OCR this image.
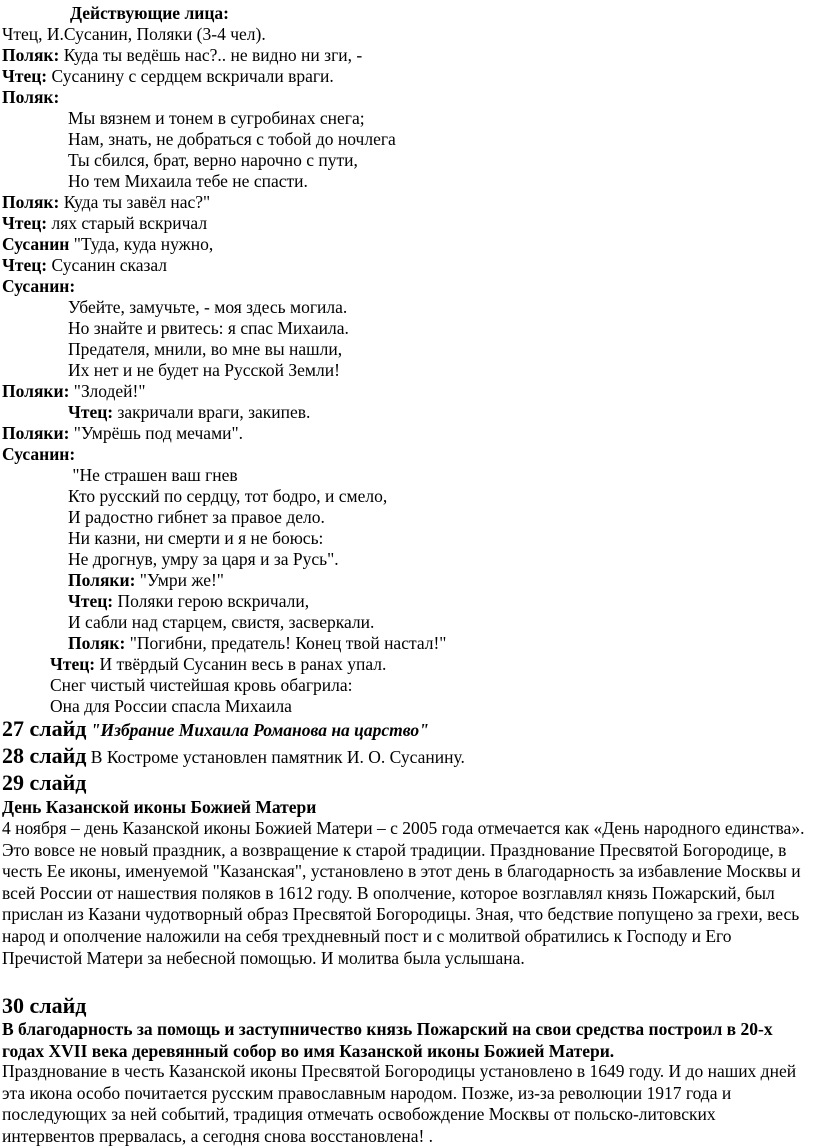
Действующие лица:
Чтец, И.Сусанин, Поляки (3-4 чел).
Поляк: Куда ты ведёшь нас?.. не видно ни зги, -
Чтец: Сусанину с сердцем вскричали враги.
Поляк:
Мы вязнем и тонем в сугробинах снега;
Нам, знать, не добраться с тобой до ночлега
Ты сбился, брат, верно нарочно с пути,
Но тем Михаила тебе не спасти.
Поляк: Куда ты завёл нас?"
Чтец: лях старый вскричал
Сусанин "Туда, куда нужно,
Чтец: Сусанин сказал
Сусанин:
Убейте, замучьте, - моя здесь могила.
Но знайте и рвитесь: я спас Михаила.
Предателя, мнили, во мне вы нашли,
Их нет и не будет на Русской Земли!
Поляки: "Злодей!"
Чтец: закричали враги, закипев.
Поляки: "Умрёшь под мечами".
Сусанин:
"Не страшен ваш гнев
Кто русский по сердцу, тот бодро, и смело,
И радостно гибнет за правое дело.
Ни казни, ни смерти и я не боюсь:
Не дрогнув, умру за царя и за Русь".
Поляки: "Умри же!"
Чтец: Поляки герою вскричали,
И сабли над старцем, свистя, засверкали.
Поляк: "Погибни, предатель! Конец твой настал!"
Чтец: И твёрдый Сусанин весь в ранах упал.
Снег чистый чистейшая кровь обагрила:
Она для России спасла Михаила
27 слайд "Избрание Михаила Романова на царство"
28 слайд В Костроме установлен памятник И. О. Сусанину.
29 слайд
День Казанской иконы Божией Матери
4 ноября – день Казанской иконы Божией Матери – с 2005 года отмечается как «День народного единства». Это вовсе не новый праздник, а возвращение к старой традиции. Празднование Пресвятой Богородице, в честь Ее иконы, именуемой "Казанская", установлено в этот день в благодарность за избавление Москвы и всей России от нашествия поляков в 1612 году. В ополчение, которое возглавлял князь Пожарский, был прислан из Казани чудотворный образ Пресвятой Богородицы. Зная, что бедствие попущено за грехи, весь народ и ополчение наложили на себя трехдневный пост и с молитвой обратились к Господу и Его Пречистой Матери за небесной помощью. И молитва была услышана.
30 слайд
В благодарность за помощь и заступничество князь Пожарский на свои средства построил в 20-х годах XVII века деревянный собор во имя Казанской иконы Божией Матери.
Празднование в честь Казанской иконы Пресвятой Богородицы установлено в 1649 году. И до наших дней эта икона особо почитается русским православным народом. Позже, из-за революции 1917 года и последующих за ней событий, традиция отмечать освобождение Москвы от польско-литовских интервентов прервалась, а сегодня снова восстановлена! .
